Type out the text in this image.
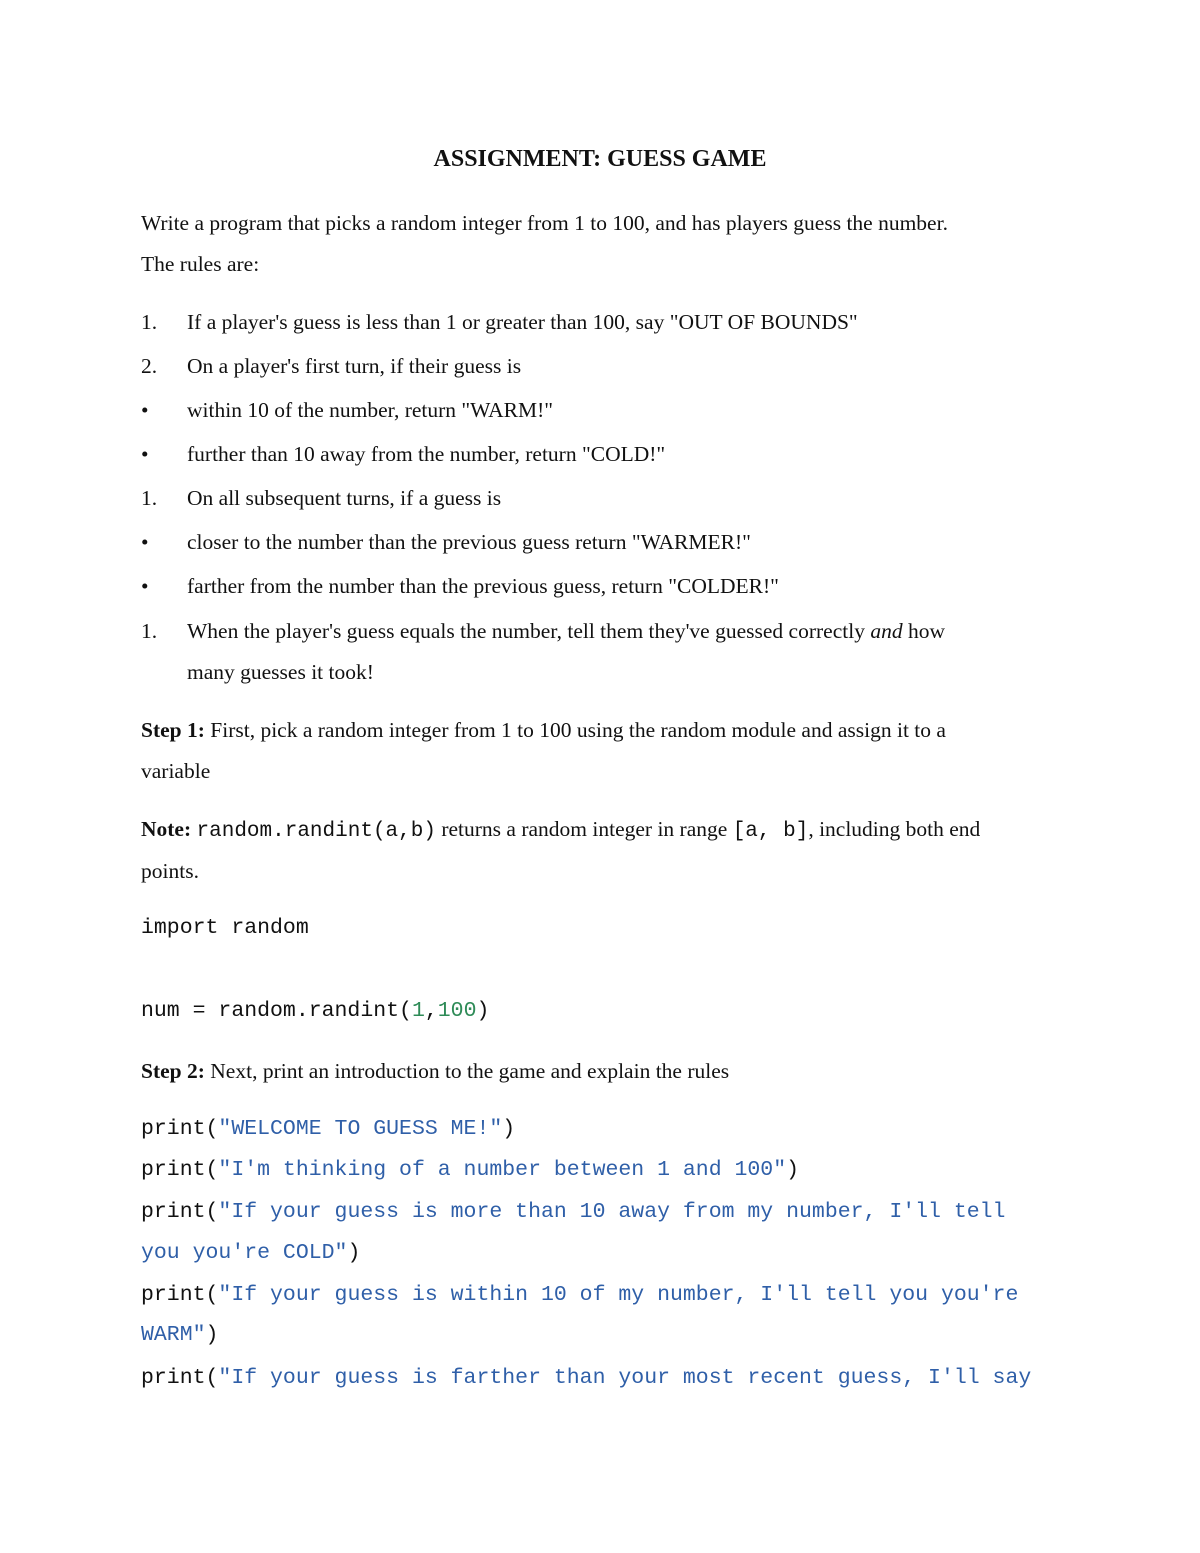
ASSIGNMENT: GUESS GAME
Write a program that picks a random integer from 1 to 100, and has players guess the number.
The rules are:
1. If a player's guess is less than 1 or greater than 100, say "OUT OF BOUNDS"
2. On a player's first turn, if their guess is
• within 10 of the number, return "WARM!"
• further than 10 away from the number, return "COLD!"
1. On all subsequent turns, if a guess is
• closer to the number than the previous guess return "WARMER!"
• farther from the number than the previous guess, return "COLDER!"
1. When the player's guess equals the number, tell them they've guessed correctly and how
many guesses it took!
Step 1: First, pick a random integer from 1 to 100 using the random module and assign it to a
variable
Note: random.randint(a,b) returns a random integer in range [a, b], including both end
points.
import random
num = random.randint(1,100)
Step 2: Next, print an introduction to the game and explain the rules
print("WELCOME TO GUESS ME!")
print("I'm thinking of a number between 1 and 100")
print("If your guess is more than 10 away from my number, I'll tell
you you're COLD")
print("If your guess is within 10 of my number, I'll tell you you're
WARM")
print("If your guess is farther than your most recent guess, I'll say
